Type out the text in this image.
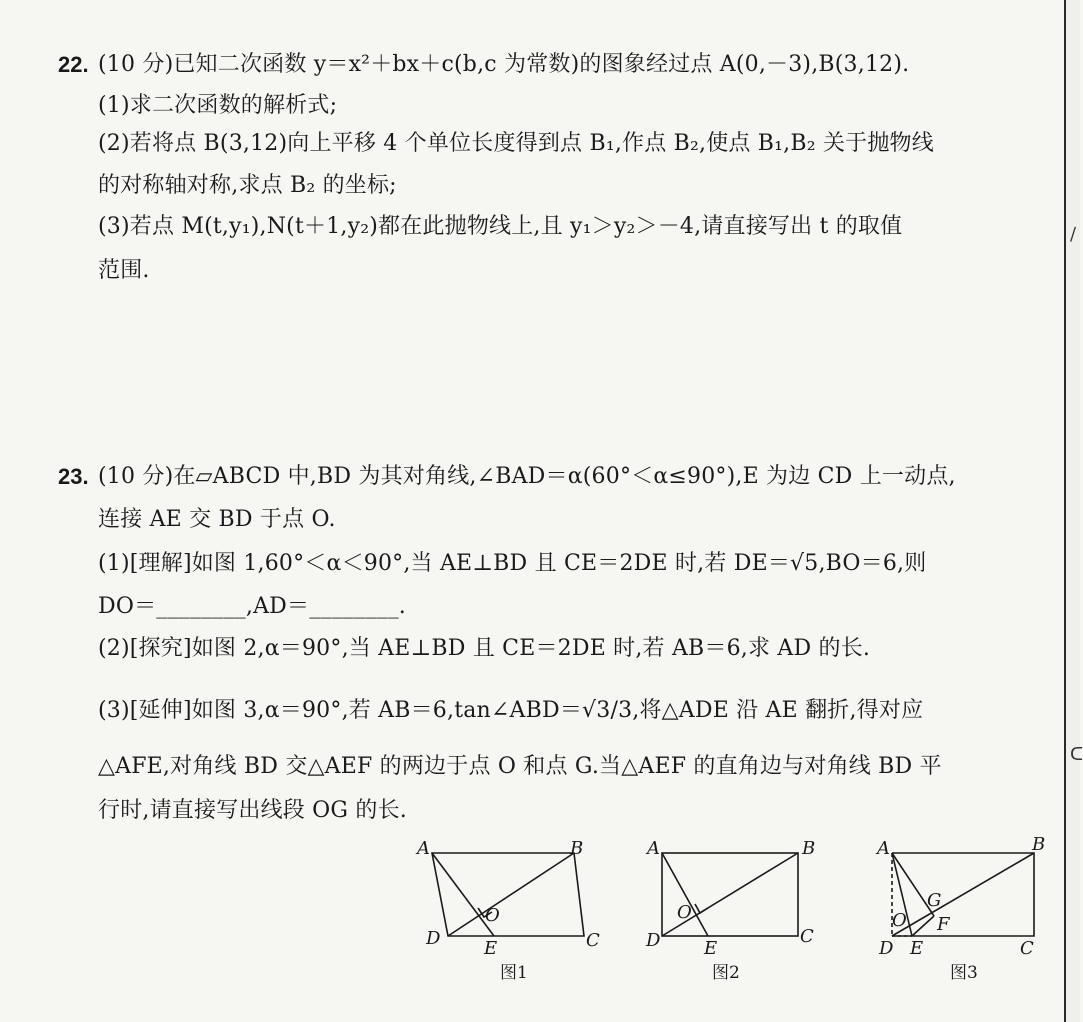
∕
ᑕ
22. (10 分)已知二次函数 y＝x²＋bx＋c(b,c 为常数)的图象经过点 A(0,－3),B(3,12).
(1)求二次函数的解析式;
(2)若将点 B(3,12)向上平移 4 个单位长度得到点 B₁,作点 B₂,使点 B₁,B₂ 关于抛物线
的对称轴对称,求点 B₂ 的坐标;
(3)若点 M(t,y₁),N(t＋1,y₂)都在此抛物线上,且 y₁＞y₂＞－4,请直接写出 t 的取值
范围.
23. (10 分)在▱ABCD 中,BD 为其对角线,∠BAD＝α(60°＜α≤90°),E 为边 CD 上一动点,
连接 AE 交 BD 于点 O.
(1)[理解]如图 1,60°＜α＜90°,当 AE⊥BD 且 CE＝2DE 时,若 DE＝√5,BO＝6,则
DO＝________,AD＝________.
(2)[探究]如图 2,α＝90°,当 AE⊥BD 且 CE＝2DE 时,若 AB＝6,求 AD 的长.
(3)[延伸]如图 3,α＝90°,若 AB＝6,tan∠ABD＝√3/3,将△ADE 沿 AE 翻折,得对应
△AFE,对角线 BD 交△AEF 的两边于点 O 和点 G.当△AEF 的直角边与对角线 BD 平
行时,请直接写出线段 OG 的长.
A	B
C
D E
O
图1
A	B
C
D E
O
图2
A	B
C
D E
O
G
F
图3
